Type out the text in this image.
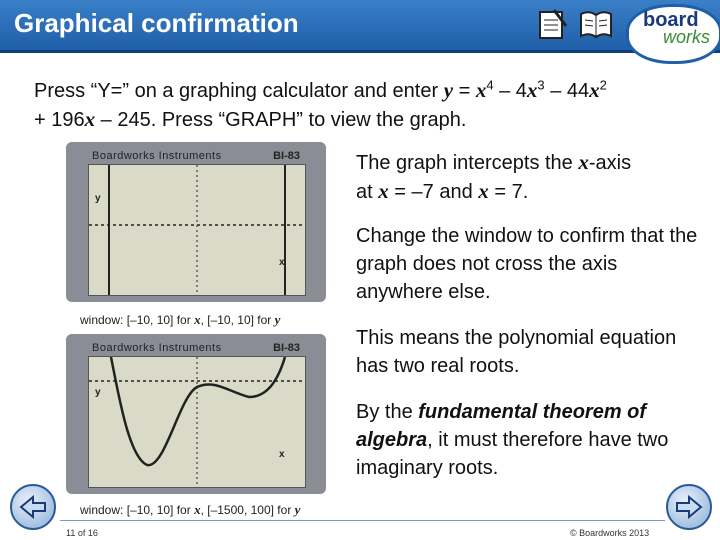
Graphical confirmation	board
works
Press “Y=” on a graphing calculator and enter $y = x^4 - 4x^3 - 44x^2$
+ 196x – 245. Press “GRAPH” to view the graph.
Boardworks Instruments	BI-83
y
x
window: [–10, 10] for x, [–10, 10] for y
Boardworks Instruments	BI-83
y
x
window: [–10, 10] for x, [–1500, 100] for y
The graph intercepts the x-axis
at x = –7 and x = 7.
Change the window to confirm that the graph does not cross the axis anywhere else.
This means the polynomial equation has two real roots.
By the fundamental theorem of algebra, it must therefore have two imaginary roots.
11 of 16	© Boardworks 2013
